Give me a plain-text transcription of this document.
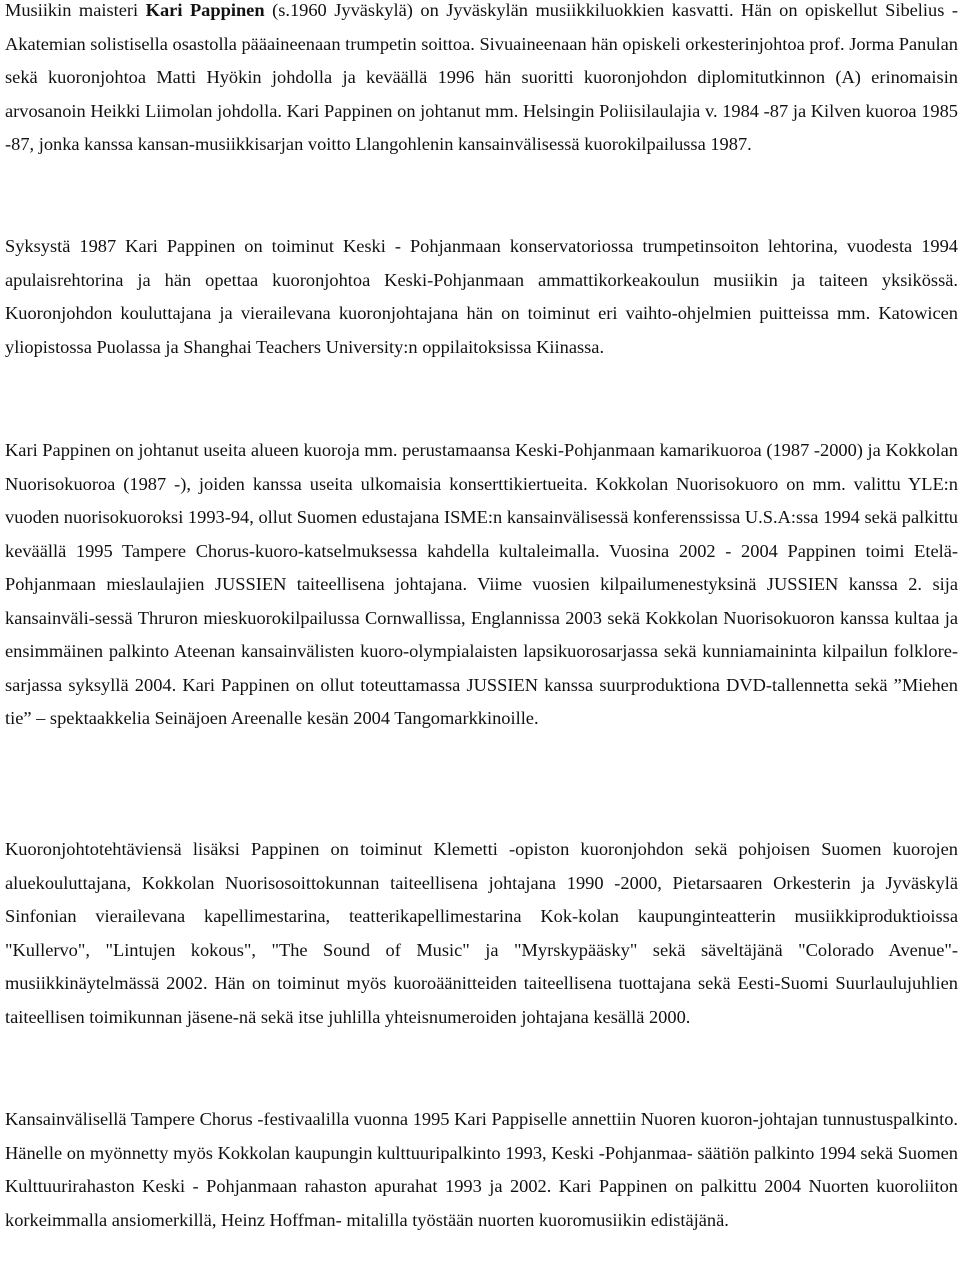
Musiikin maisteri Kari Pappinen (s.1960 Jyväskylä) on Jyväskylän musiikkiluokkien kasvatti. Hän on opiskellut Sibelius - Akatemian solistisella osastolla pääaineenaan trumpetin soittoa. Sivuaineenaan hän opiskeli orkesterinjohtoa prof. Jorma Panulan sekä kuoronjohtoa Matti Hyökin johdolla ja keväällä 1996 hän suoritti kuoronjohdon diplomitutkinnon (A) erinomaisin arvosanoin Heikki Liimolan johdolla. Kari Pappinen on johtanut mm. Helsingin Poliisilaulajia v. 1984 -87 ja Kilven kuoroa 1985 -87, jonka kanssa kansan-musiikkisarjan voitto Llangohlenin kansainvälisessä kuorokilpailussa 1987.

Syksystä 1987 Kari Pappinen on toiminut Keski - Pohjanmaan konservatoriossa trumpetinsoiton lehtorina, vuodesta 1994 apulaisrehtorina ja hän opettaa kuoronjohtoa Keski-Pohjanmaan ammattikorkeakoulun musiikin ja taiteen yksikössä. Kuoronjohdon kouluttajana ja vierailevana kuoronjohtajana hän on toiminut eri vaihto-ohjelmien puitteissa mm. Katowicen yliopistossa Puolassa ja Shanghai Teachers University:n oppilaitoksissa Kiinassa.

Kari Pappinen on johtanut useita alueen kuoroja mm. perustamaansa Keski-Pohjanmaan kamarikuoroa (1987 -2000) ja Kokkolan Nuorisokuoroa (1987 -), joiden kanssa useita ulkomaisia konserttikiertueita. Kokkolan Nuorisokuoro on mm. valittu YLE:n vuoden nuorisokuoroksi 1993-94, ollut Suomen edustajana ISME:n kansainvälisessä konferenssissa U.S.A:ssa 1994 sekä palkittu keväällä 1995 Tampere Chorus-kuoro-katselmuksessa kahdella kultaleimalla. Vuosina 2002 - 2004 Pappinen toimi Etelä-Pohjanmaan mieslaulajien JUSSIEN taiteellisena johtajana. Viime vuosien kilpailumenestyksinä JUSSIEN kanssa 2. sija kansainväli-sessä Thruron mieskuorokilpailussa Cornwallissa, Englannissa 2003 sekä Kokkolan Nuorisokuoron kanssa kultaa ja ensimmäinen palkinto Ateenan kansainvälisten kuoro-olympialaisten lapsikuorosarjassa sekä kunniamaininta kilpailun folklore-sarjassa syksyllä 2004. Kari Pappinen on ollut toteuttamassa JUSSIEN kanssa suurproduktiona DVD-tallennetta sekä ”Miehen tie” – spektaakkelia Seinäjoen Areenalle kesän 2004 Tangomarkkinoille.

Kuoronjohtotehtäviensä lisäksi Pappinen on toiminut Klemetti -opiston kuoronjohdon sekä pohjoisen Suomen kuorojen aluekouluttajana, Kokkolan Nuorisosoittokunnan taiteellisena johtajana 1990 -2000, Pietarsaaren Orkesterin ja Jyväskylä Sinfonian vierailevana kapellimestarina, teatterikapellimestarina Kok-kolan kaupunginteatterin musiikkiproduktioissa "Kullervo", "Lintujen kokous", "The Sound of Music" ja "Myrskypääsky" sekä säveltäjänä "Colorado Avenue"- musiikkinäytelmässä 2002. Hän on toiminut myös kuoroäänitteiden taiteellisena tuottajana sekä Eesti-Suomi Suurlaulujuhlien taiteellisen toimikunnan jäsene-nä sekä itse juhlilla yhteisnumeroiden johtajana kesällä 2000.

Kansainvälisellä Tampere Chorus -festivaalilla vuonna 1995 Kari Pappiselle annettiin Nuoren kuoron-johtajan tunnustuspalkinto. Hänelle on myönnetty myös Kokkolan kaupungin kulttuuripalkinto 1993, Keski -Pohjanmaa- säätiön palkinto 1994 sekä Suomen Kulttuurirahaston Keski - Pohjanmaan rahaston apurahat 1993 ja 2002. Kari Pappinen on palkittu 2004 Nuorten kuoroliiton korkeimmalla ansiomerkillä, Heinz Hoffman- mitalilla työstään nuorten kuoromusiikin edistäjänä.
